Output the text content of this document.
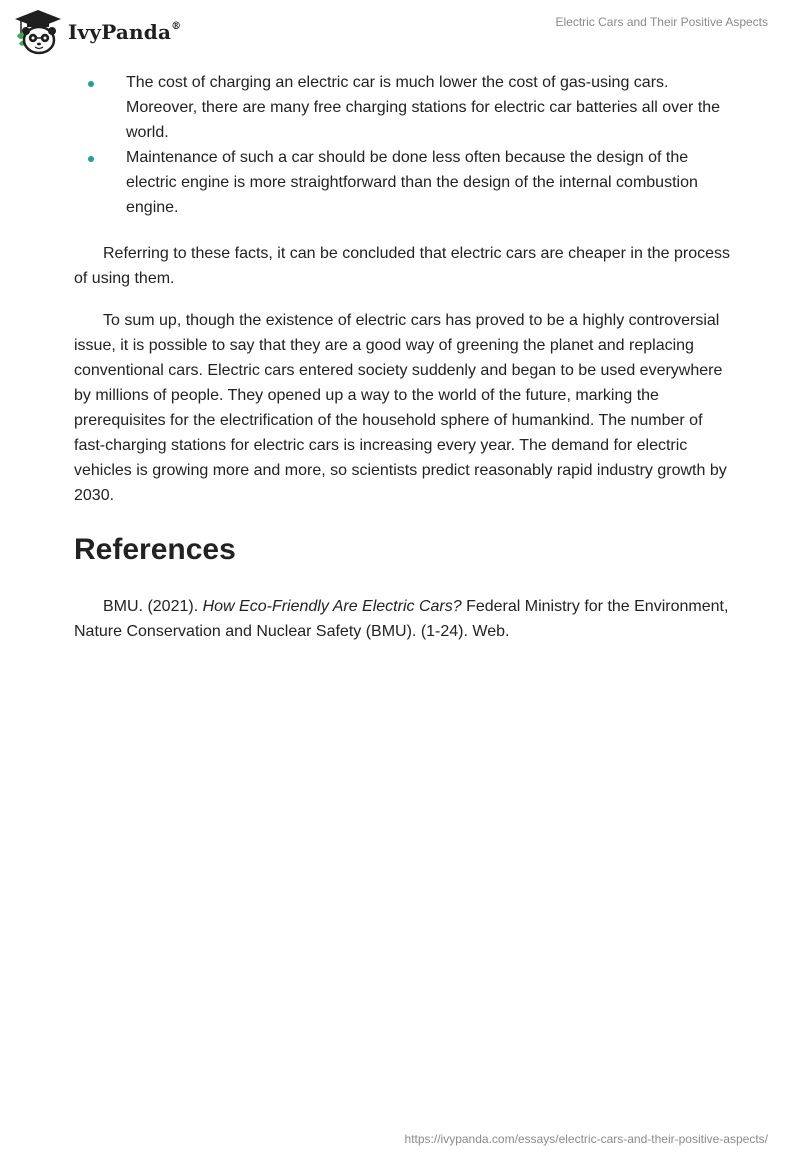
IvyPanda®	Electric Cars and Their Positive Aspects
The cost of charging an electric car is much lower the cost of gas-using cars. Moreover, there are many free charging stations for electric car batteries all over the world.
Maintenance of such a car should be done less often because the design of the electric engine is more straightforward than the design of the internal combustion engine.

Referring to these facts, it can be concluded that electric cars are cheaper in the process of using them.

To sum up, though the existence of electric cars has proved to be a highly controversial issue, it is possible to say that they are a good way of greening the planet and replacing conventional cars. Electric cars entered society suddenly and began to be used everywhere by millions of people. They opened up a way to the world of the future, marking the prerequisites for the electrification of the household sphere of humankind. The number of fast-charging stations for electric cars is increasing every year. The demand for electric vehicles is growing more and more, so scientists predict reasonably rapid industry growth by 2030.

References

BMU. (2021). How Eco-Friendly Are Electric Cars? Federal Ministry for the Environment, Nature Conservation and Nuclear Safety (BMU). (1-24). Web.

https://ivypanda.com/essays/electric-cars-and-their-positive-aspects/
